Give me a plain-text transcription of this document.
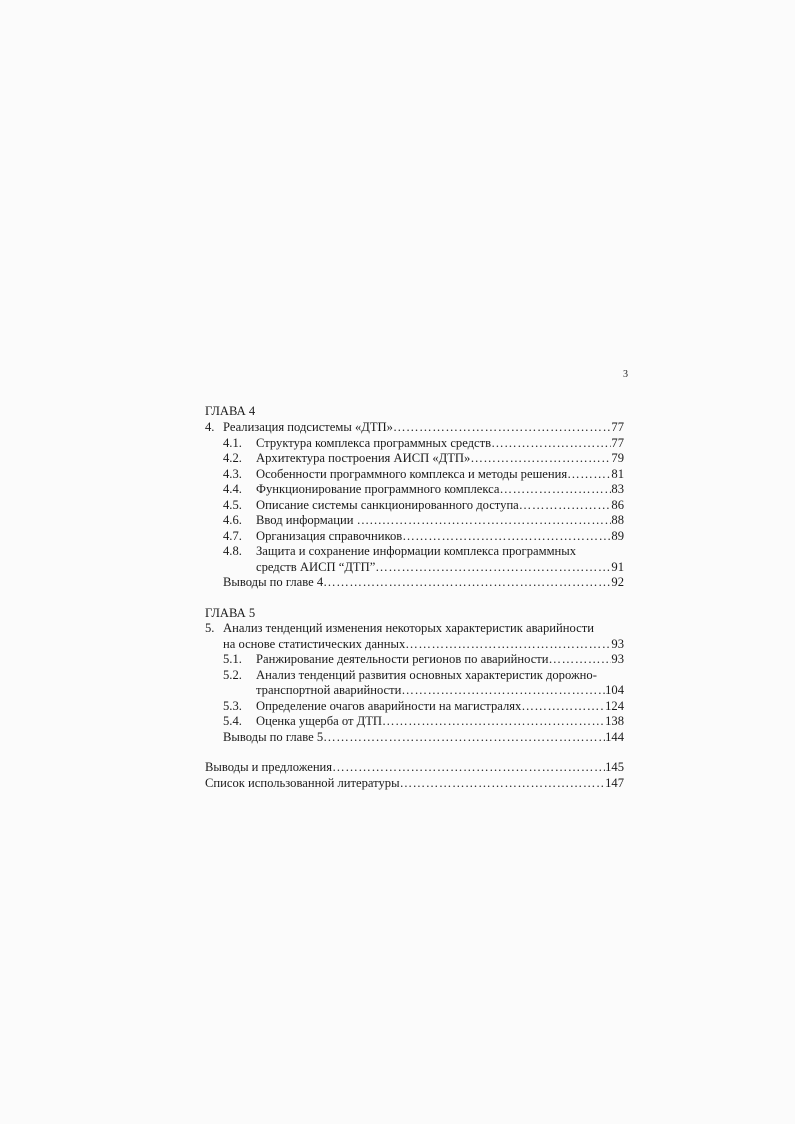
3
ГЛАВА 4
4. Реализация подсистемы «ДТП» ……………………………………………………………………………………………………………………	77
4.1. Структура комплекса программных средств ……………………………………………………………………………………………………………………	77
4.2. Архитектура построения АИСП «ДТП» ……………………………………………………………………………………………………………………	79
4.3. Особенности программного комплекса и методы решения ……………………………………………………………………………………………………………………	81
4.4. Функционирование программного комплекса ……………………………………………………………………………………………………………………	83
4.5. Описание системы санкционированного доступа ……………………………………………………………………………………………………………………	86
4.6. Ввод информации …… ……………………………………………………………………………………………………………………	88
4.7. Организация справочников ……………………………………………………………………………………………………………………	89
4.8. Защита и сохранение информации комплекса программных
средств АИСП “ДТП” ……………………………………………………………………………………………………………………	91
Выводы по главе 4 ……………………………………………………………………………………………………………………	92
ГЛАВА 5
5. Анализ тенденций изменения некоторых характеристик аварийности
на основе статистических данных ……………………………………………………………………………………………………………………	93
5.1. Ранжирование деятельности регионов по аварийности ……………………………………………………………………………………………………………………	93
5.2. Анализ тенденций развития основных характеристик дорожно-
транспортной аварийности ……………………………………………………………………………………………………………………	104
5.3. Определение очагов аварийности на магистралях ……………………………………………………………………………………………………………………	124
5.4. Оценка ущерба от ДТП ……………………………………………………………………………………………………………………	138
Выводы по главе 5 ……………………………………………………………………………………………………………………	144
Выводы и предложения ……………………………………………………………………………………………………………………	145
Список использованной литературы ……………………………………………………………………………………………………………………	147
